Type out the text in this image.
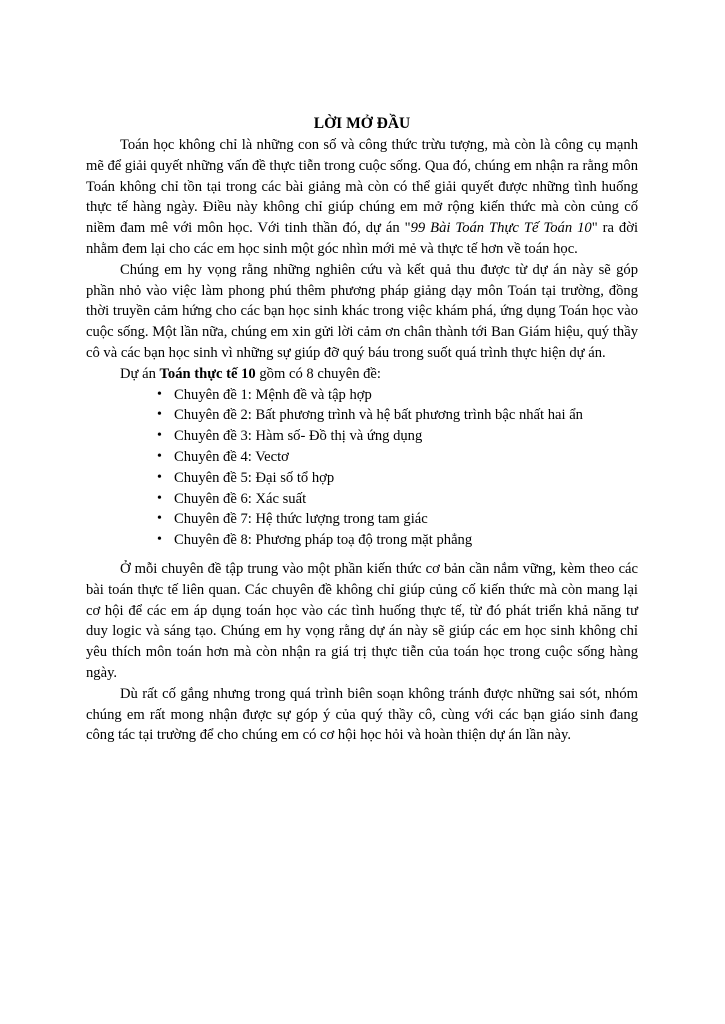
LỜI MỞ ĐẦU

Toán học không chỉ là những con số và công thức trừu tượng, mà còn là công cụ mạnh mẽ để giải quyết những vấn đề thực tiễn trong cuộc sống. Qua đó, chúng em nhận ra rằng môn Toán không chỉ tồn tại trong các bài giảng mà còn có thể giải quyết được những tình huống thực tế hàng ngày. Điều này không chỉ giúp chúng em mở rộng kiến thức mà còn củng cố niềm đam mê với môn học. Với tinh thần đó, dự án "99 Bài Toán Thực Tế Toán 10" ra đời nhằm đem lại cho các em học sinh một góc nhìn mới mẻ và thực tế hơn về toán học.

Chúng em hy vọng rằng những nghiên cứu và kết quả thu được từ dự án này sẽ góp phần nhỏ vào việc làm phong phú thêm phương pháp giảng dạy môn Toán tại trường, đồng thời truyền cảm hứng cho các bạn học sinh khác trong việc khám phá, ứng dụng Toán học vào cuộc sống. Một lần nữa, chúng em xin gửi lời cảm ơn chân thành tới Ban Giám hiệu, quý thầy cô và các bạn học sinh vì những sự giúp đỡ quý báu trong suốt quá trình thực hiện dự án.

Dự án Toán thực tế 10 gồm có 8 chuyên đề:

• Chuyên đề 1: Mệnh đề và tập hợp
• Chuyên đề 2: Bất phương trình và hệ bất phương trình bậc nhất hai ẩn
• Chuyên đề 3: Hàm số- Đồ thị và ứng dụng
• Chuyên đề 4: Vectơ
• Chuyên đề 5: Đại số tổ hợp
• Chuyên đề 6: Xác suất
• Chuyên đề 7: Hệ thức lượng trong tam giác
• Chuyên đề 8: Phương pháp toạ độ trong mặt phẳng

Ở mỗi chuyên đề tập trung vào một phần kiến thức cơ bản cần nắm vững, kèm theo các bài toán thực tế liên quan. Các chuyên đề không chỉ giúp củng cố kiến thức mà còn mang lại cơ hội để các em áp dụng toán học vào các tình huống thực tế, từ đó phát triển khả năng tư duy logic và sáng tạo. Chúng em hy vọng rằng dự án này sẽ giúp các em học sinh không chỉ yêu thích môn toán hơn mà còn nhận ra giá trị thực tiễn của toán học trong cuộc sống hàng ngày.

Dù rất cố gắng nhưng trong quá trình biên soạn không tránh được những sai sót, nhóm chúng em rất mong nhận được sự góp ý của quý thầy cô, cùng với các bạn giáo sinh đang công tác tại trường để cho chúng em có cơ hội học hỏi và hoàn thiện dự án lần này.
